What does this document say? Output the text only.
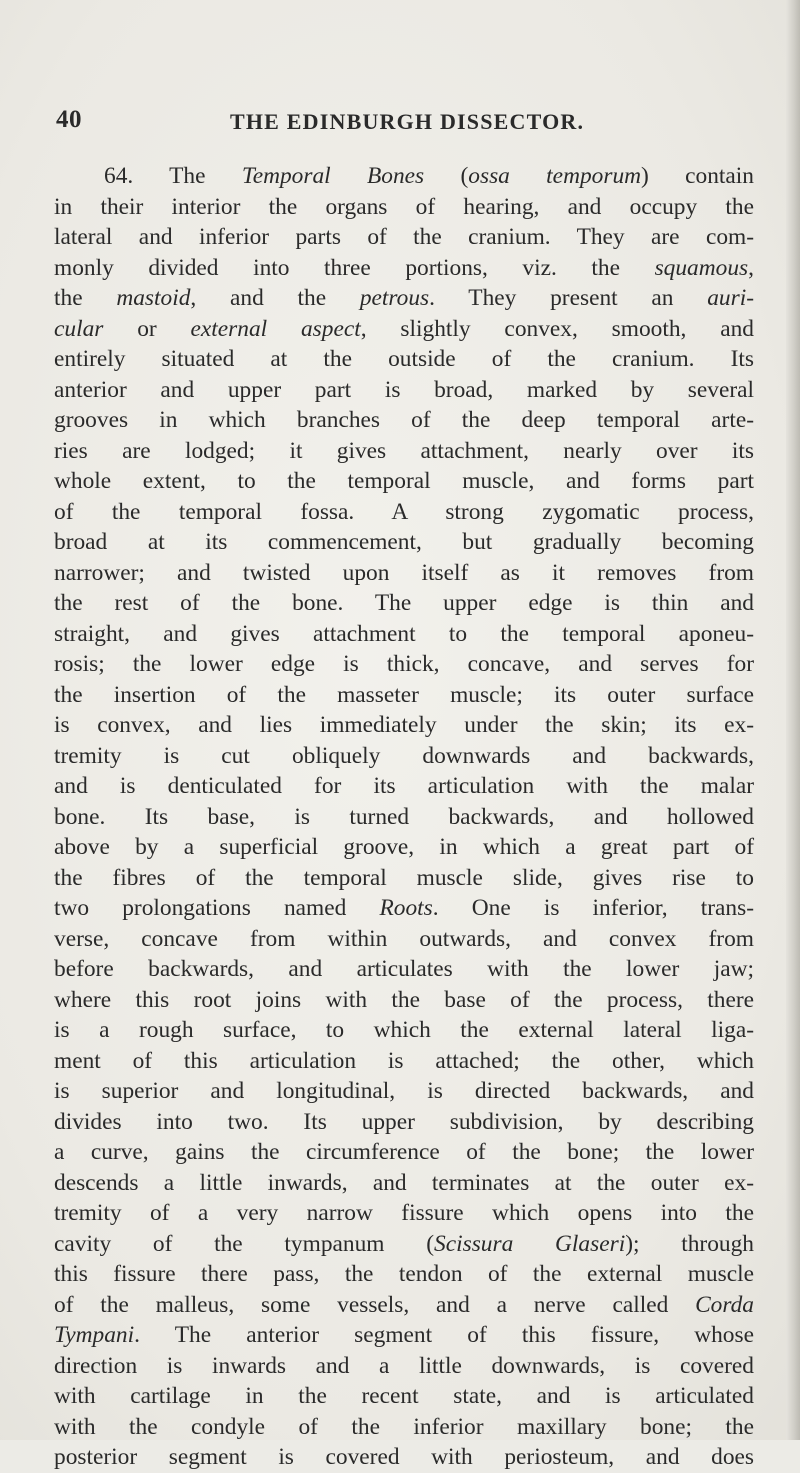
40	THE EDINBURGH DISSECTOR.
64. The Temporal Bones (ossa temporum) contain
in their interior the organs of hearing, and occupy the
lateral and inferior parts of the cranium. They are com-
monly divided into three portions, viz. the squamous,
the mastoid, and the petrous. They present an auri-
cular or external aspect, slightly convex, smooth, and
entirely situated at the outside of the cranium. Its
anterior and upper part is broad, marked by several
grooves in which branches of the deep temporal arte-
ries are lodged; it gives attachment, nearly over its
whole extent, to the temporal muscle, and forms part
of the temporal fossa. A strong zygomatic process,
broad at its commencement, but gradually becoming
narrower; and twisted upon itself as it removes from
the rest of the bone. The upper edge is thin and
straight, and gives attachment to the temporal aponeu-
rosis; the lower edge is thick, concave, and serves for
the insertion of the masseter muscle; its outer surface
is convex, and lies immediately under the skin; its ex-
tremity is cut obliquely downwards and backwards,
and is denticulated for its articulation with the malar
bone. Its base, is turned backwards, and hollowed
above by a superficial groove, in which a great part of
the fibres of the temporal muscle slide, gives rise to
two prolongations named Roots. One is inferior, trans-
verse, concave from within outwards, and convex from
before backwards, and articulates with the lower jaw;
where this root joins with the base of the process, there
is a rough surface, to which the external lateral liga-
ment of this articulation is attached; the other, which
is superior and longitudinal, is directed backwards, and
divides into two. Its upper subdivision, by describing
a curve, gains the circumference of the bone; the lower
descends a little inwards, and terminates at the outer ex-
tremity of a very narrow fissure which opens into the
cavity of the tympanum (Scissura Glaseri); through
this fissure there pass, the tendon of the external muscle
of the malleus, some vessels, and a nerve called Corda
Tympani. The anterior segment of this fissure, whose
direction is inwards and a little downwards, is covered
with cartilage in the recent state, and is articulated
with the condyle of the inferior maxillary bone; the
posterior segment is covered with periosteum, and does
